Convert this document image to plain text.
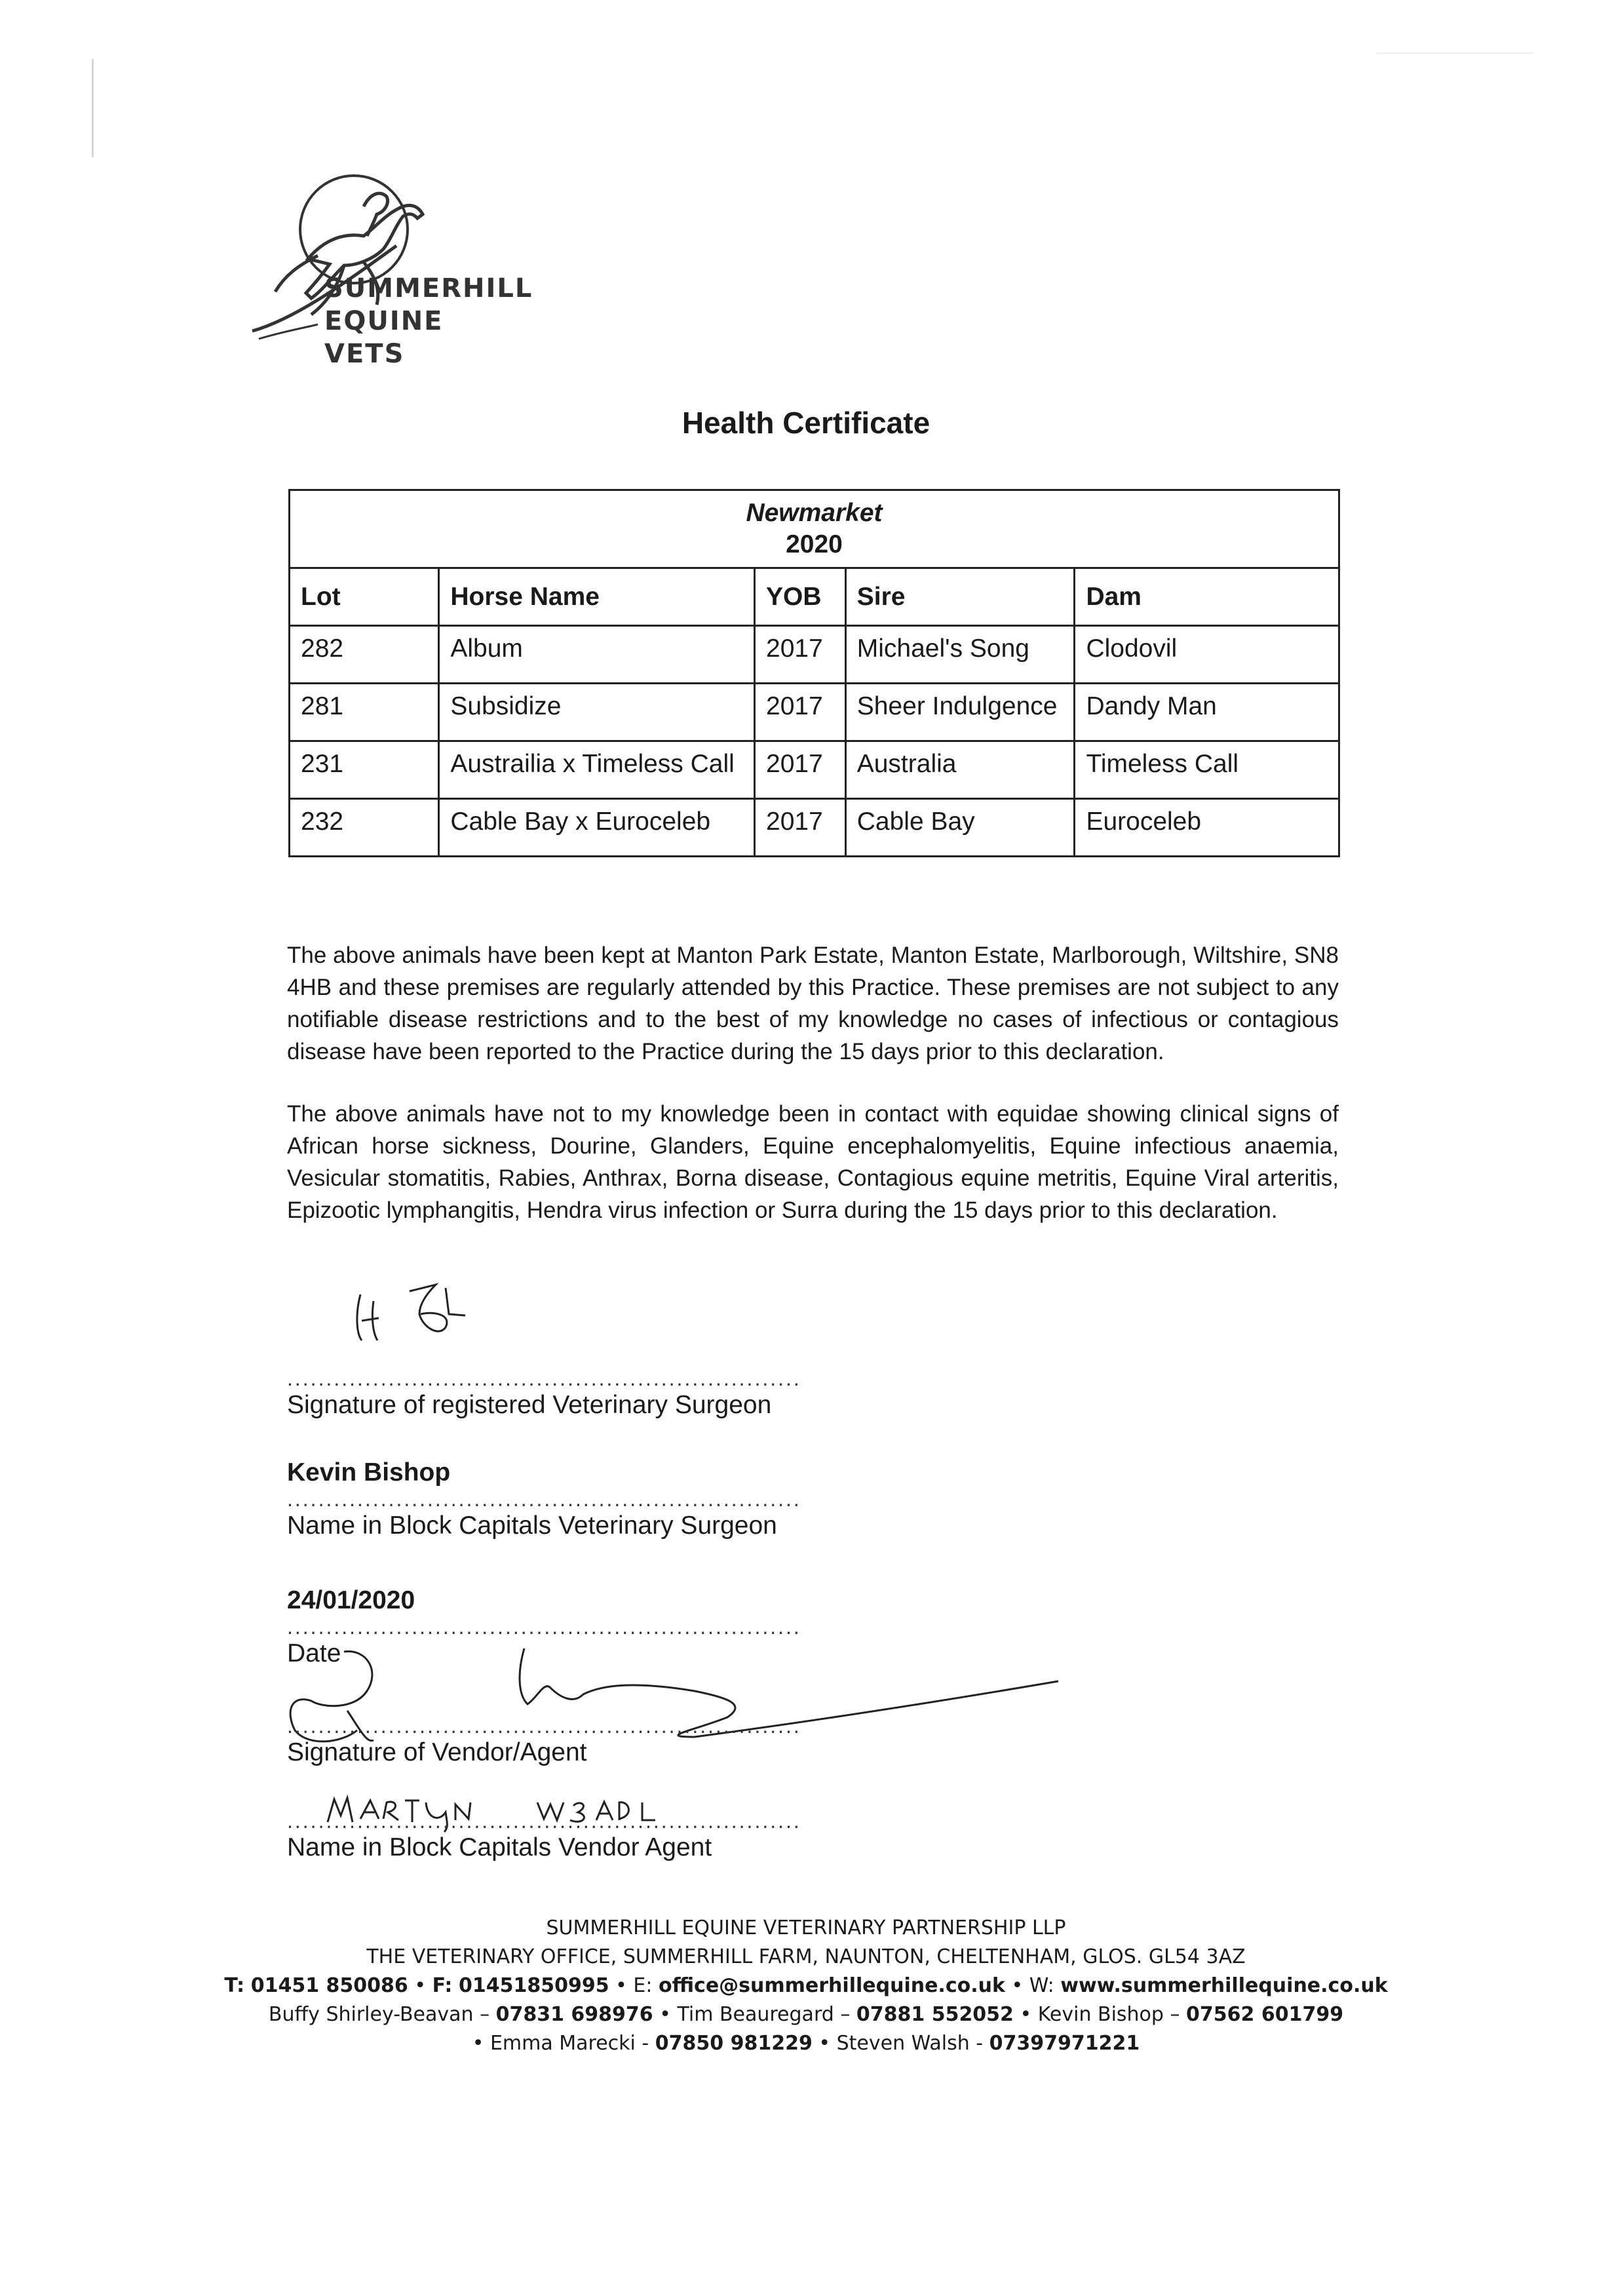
SUMMERHILL
EQUINE VETS
Health Certificate
Newmarket
2020				

Lot	Horse Name	YOB	Sire	Dam
282	Album	2017	Michael's Song	Clodovil
281	Subsidize	2017	Sheer Indulgence	Dandy Man
231	Austrailia x Timeless Call	2017	Australia	Timeless Call
232	Cable Bay x Euroceleb	2017	Cable Bay	Euroceleb
The above animals have been kept at Manton Park Estate, Manton Estate, Marlborough, Wiltshire, SN8 4HB and these premises are regularly attended by this Practice. These premises are not subject to any notifiable disease restrictions and to the best of my knowledge no cases of infectious or contagious disease have been reported to the Practice during the 15 days prior to this declaration.
The above animals have not to my knowledge been in contact with equidae showing clinical signs of African horse sickness, Dourine, Glanders, Equine encephalomyelitis, Equine infectious anaemia, Vesicular stomatitis, Rabies, Anthrax, Borna disease, Contagious equine metritis, Equine Viral arteritis, Epizootic lymphangitis, Hendra virus infection or Surra during the 15 days prior to this declaration.
..................................................................
Signature of registered Veterinary Surgeon
Kevin Bishop
..................................................................
Name in Block Capitals Veterinary Surgeon
24/01/2020
..................................................................
Date
..................................................................
Signature of Vendor/Agent
..................................................................
Name in Block Capitals Vendor Agent
SUMMERHILL EQUINE VETERINARY PARTNERSHIP LLP
THE VETERINARY OFFICE, SUMMERHILL FARM, NAUNTON, CHELTENHAM, GLOS. GL54 3AZ
T: 01451 850086 • F: 01451850995 • E: office@summerhillequine.co.uk • W: www.summerhillequine.co.uk
Buffy Shirley-Beavan – 07831 698976 • Tim Beauregard – 07881 552052 • Kevin Bishop – 07562 601799
• Emma Marecki - 07850 981229 • Steven Walsh - 07397971221
